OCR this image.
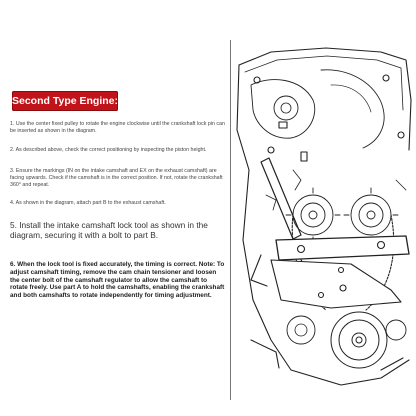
Second Type Engine:
1. Use the center fixed pulley to rotate the engine clockwise until the crankshaft lock pin can be inserted as shown in the diagram.
2. As described above, check the correct positioning by inspecting the piston height.
3. Ensure the markings (IN on the intake camshaft and EX on the exhaust camshaft) are facing upwards. Check if the camshaft is in the correct position. If not, rotate the crankshaft 360° and repeat.
4. As shown in the diagram, attach part B to the exhaust camshaft.
5. Install the intake camshaft lock tool as shown in the diagram, securing it with a bolt to part B.
6. When the lock tool is fixed accurately, the timing is correct. Note: To adjust camshaft timing, remove the cam chain tensioner and loosen the center bolt of the camshaft regulator to allow the camshaft to rotate freely. Use part A to hold the camshafts, enabling the crankshaft and both camshafts to rotate independently for timing adjustment.
